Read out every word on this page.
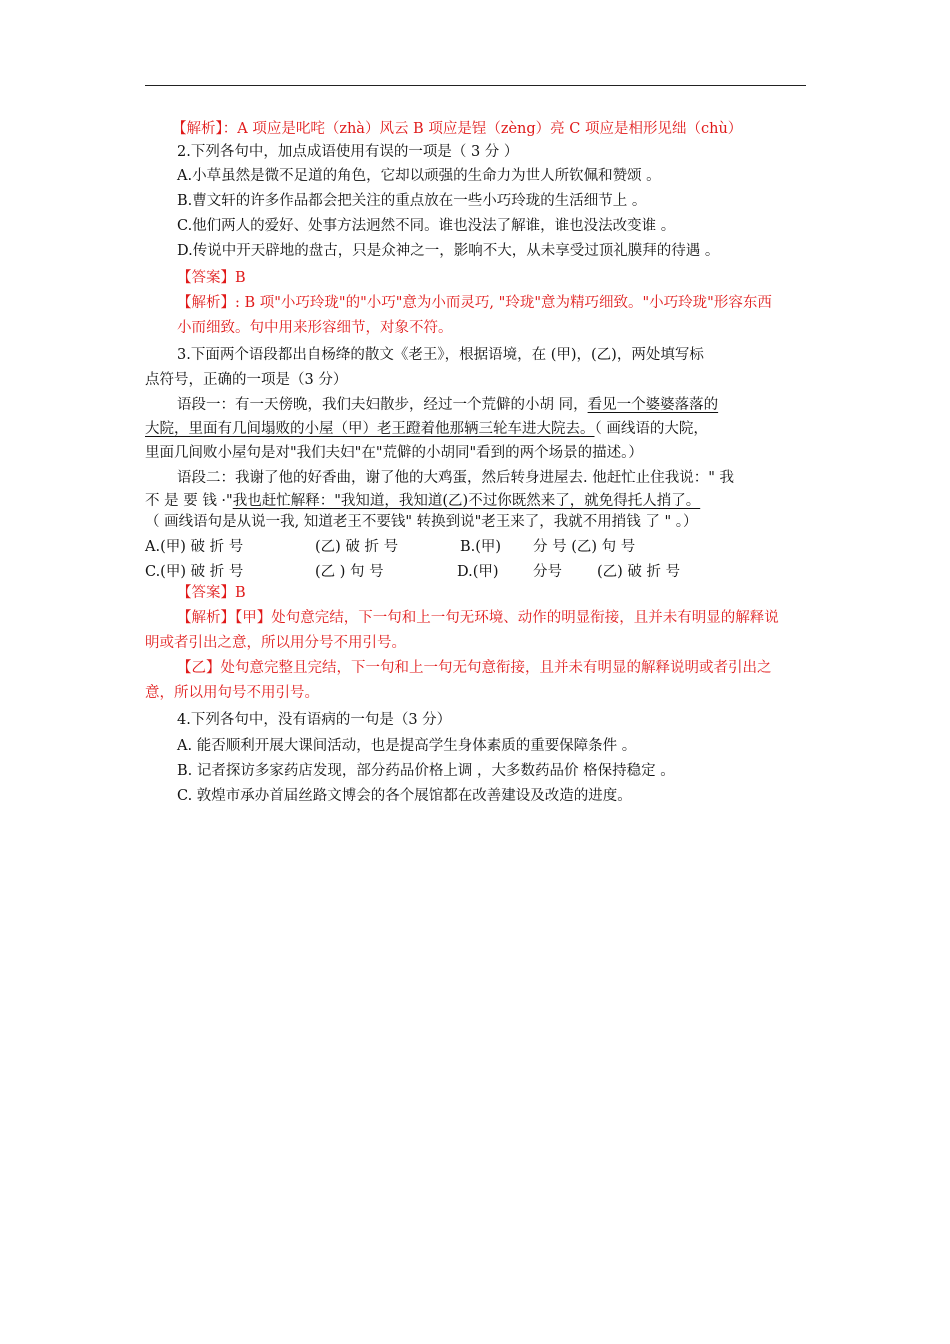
【解析】：A 项应是叱咤（zhà）风云 B 项应是锃（zèng）亮 C 项应是相形见绌（chù）
2.下列各句中，加点成语使用有误的一项是（ 3 分 ）
A.小草虽然是微不足道的角色，它却以顽强的生命力为世人所钦佩和赞颂 。
B.曹文轩的许多作品都会把关注的重点放在一些小巧玲珑的生活细节上 。
C.他们两人的爱好、处事方法迥然不同。谁也没法了解谁，谁也没法改变谁 。
D.传说中开天辟地的盘古，只是众神之一，影响不大，从未享受过顶礼膜拜的待遇 。
【答案】B
【解析】: B 项"小巧玲珑"的"小巧"意为小而灵巧, "玲珑"意为精巧细致。"小巧玲珑"形容东西
小而细致。句中用来形容细节，对象不符。
3.下面两个语段都出自杨绛的散文《老王》，根据语境，在 (甲)，(乙)，两处填写标
点符号，正确的一项是（3 分）
语段一：有一天傍晚，我们夫妇散步，经过一个荒僻的小胡 同，看见一个婆婆落落的
大院，里面有几间塌败的小屋（甲）老王蹬着他那辆三轮车进大院去。（ 画线语的大院，
里面几间败小屋句是对"我们夫妇"在"荒僻的小胡同"看到的两个场景的描述。）
语段二：我谢了他的好香曲，谢了他的大鸡蛋，然后转身进屋去. 他赶忙止住我说：" 我
不 是 要 钱 ·"我也赶忙解释："我知道，我知道(乙)不过你既然来了，就免得托人捎了。
（ 画线语句是从说一我, 知道老王不要钱" 转换到说"老王来了，我就不用捎钱 了 " 。）
A.(甲) 破 折 号	(乙) 破 折 号	B.(甲) 分 号 (乙) 句 号
C.(甲) 破 折 号	(乙 ) 句 号	D.(甲) 分号 (乙) 破 折 号
【答案】B
【解析】【甲】处句意完结，下一句和上一句无环境、动作的明显衔接，且并未有明显的解释说
明或者引出之意，所以用分号不用引号。
【乙】处句意完整且完结，下一句和上一句无句意衔接，且并未有明显的解释说明或者引出之
意，所以用句号不用引号。
4.下列各句中，没有语病的一句是（3 分）
A. 能否顺利开展大课间活动，也是提高学生身体素质的重要保障条件 。
B. 记者探访多家药店发现，部分药品价格上调 ，大多数药品价 格保持稳定 。
C. 敦煌市承办首届丝路文博会的各个展馆都在改善建设及改造的进度。
